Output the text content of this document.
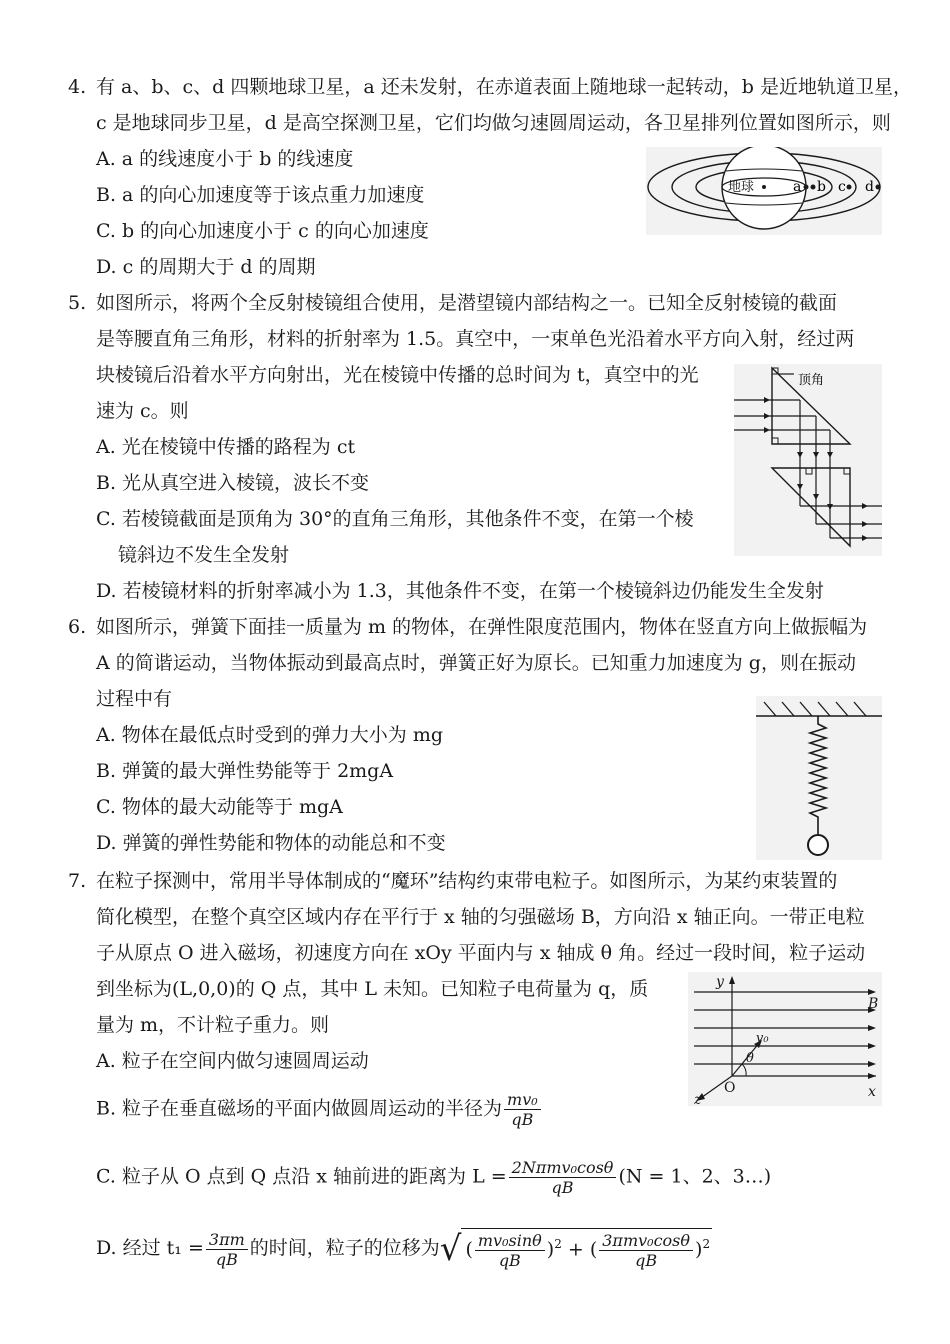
4. 有 a、b、c、d 四颗地球卫星，a 还未发射，在赤道表面上随地球一起转动，b 是近地轨道卫星，
c 是地球同步卫星，d 是高空探测卫星，它们均做匀速圆周运动，各卫星排列位置如图所示，则
A. a 的线速度小于 b 的线速度
B. a 的向心加速度等于该点重力加速度
C. b 的向心加速度小于 c 的向心加速度
D. c 的周期大于 d 的周期
地球	a b c d
5. 如图所示，将两个全反射棱镜组合使用，是潜望镜内部结构之一。已知全反射棱镜的截面
是等腰直角三角形，材料的折射率为 1.5。真空中，一束单色光沿着水平方向入射，经过两
块棱镜后沿着水平方向射出，光在棱镜中传播的总时间为 t，真空中的光
速为 c。则
A. 光在棱镜中传播的路程为 ct
B. 光从真空进入棱镜，波长不变
C. 若棱镜截面是顶角为 30°的直角三角形，其他条件不变，在第一个棱
镜斜边不发生全发射
D. 若棱镜材料的折射率减小为 1.3，其他条件不变，在第一个棱镜斜边仍能发生全发射
顶角
6. 如图所示，弹簧下面挂一质量为 m 的物体，在弹性限度范围内，物体在竖直方向上做振幅为
A 的简谐运动，当物体振动到最高点时，弹簧正好为原长。已知重力加速度为 g，则在振动
过程中有
A. 物体在最低点时受到的弹力大小为 mg
B. 弹簧的最大弹性势能等于 2mgA
C. 物体的最大动能等于 mgA
D. 弹簧的弹性势能和物体的动能总和不变
7. 在粒子探测中，常用半导体制成的“魔环”结构约束带电粒子。如图所示，为某约束装置的
简化模型，在整个真空区域内存在平行于 x 轴的匀强磁场 B，方向沿 x 轴正向。一带正电粒
子从原点 O 进入磁场，初速度方向在 xOy 平面内与 x 轴成 θ 角。经过一段时间，粒子运动
到坐标为(L,0,0)的 Q 点，其中 L 未知。已知粒子电荷量为 q，质
量为 m，不计粒子重力。则
A. 粒子在空间内做匀速圆周运动
B. 粒子在垂直磁场的平面内做圆周运动的半径为 $\frac{\text{mv₀}}{qB}$
C. 粒子从 O 点到 Q 点沿 x 轴前进的距离为 $L = \frac{\text{2Nπmv₀cosθ}}{qB} (N = 1$、2、3…)
D. 经过 $t_1 = \frac{3\pi m}{qB}$ 的时间，粒子的位移为√ ( $\frac{\text{mv₀sinθ}}{qB} )^2$ + ( $\frac{\text{3πmv₀cosθ}}{qB} )^2$
y
B
v₀
θ
O	x
z
